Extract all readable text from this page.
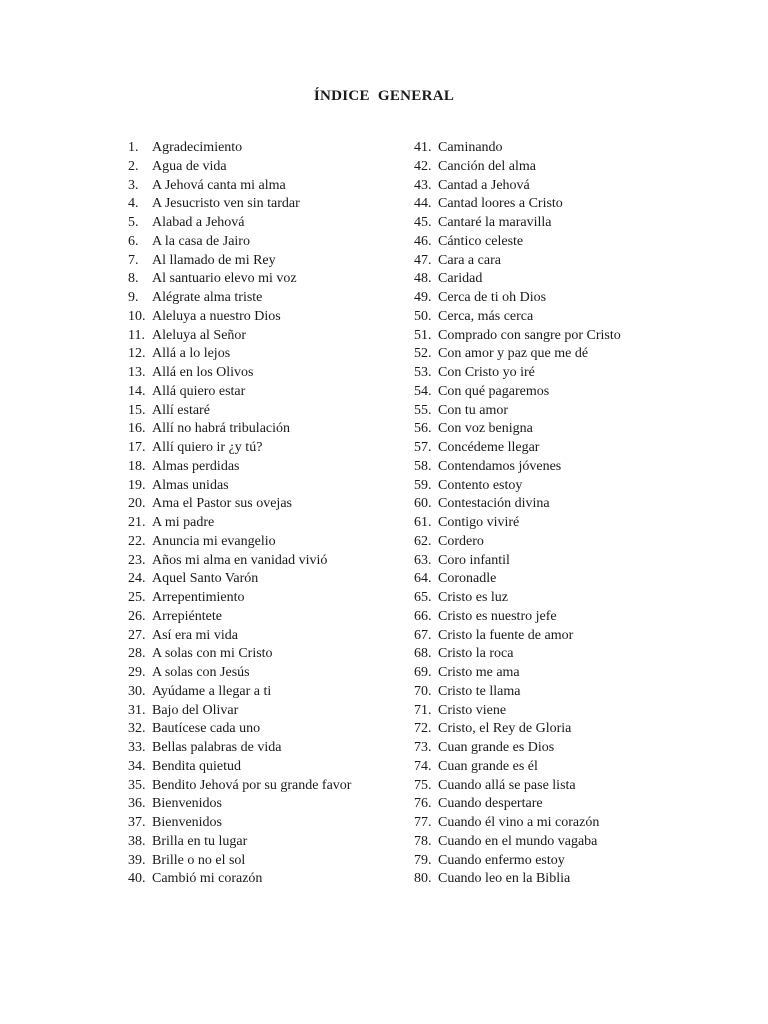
ÍNDICE GENERAL
1. Agradecimiento
2. Agua de vida
3. A Jehová canta mi alma
4. A Jesucristo ven sin tardar
5. Alabad a Jehová
6. A la casa de Jairo
7. Al llamado de mi Rey
8. Al santuario elevo mi voz
9. Alégrate alma triste
10. Aleluya a nuestro Dios
11. Aleluya al Señor
12. Allá a lo lejos
13. Allá en los Olivos
14. Allá quiero estar
15. Allí estaré
16. Allí no habrá tribulación
17. Allí quiero ir ¿y tú?
18. Almas perdidas
19. Almas unidas
20. Ama el Pastor sus ovejas
21. A mi padre
22. Anuncia mi evangelio
23. Años mi alma en vanidad vivió
24. Aquel Santo Varón
25. Arrepentimiento
26. Arrepiéntete
27. Así era mi vida
28. A solas con mi Cristo
29. A solas con Jesús
30. Ayúdame a llegar a ti
31. Bajo del Olivar
32. Bautícese cada uno
33. Bellas palabras de vida
34. Bendita quietud
35. Bendito Jehová por su grande favor
36. Bienvenidos
37. Bienvenidos
38. Brilla en tu lugar
39. Brille o no el sol
40. Cambió mi corazón
41. Caminando
42. Canción del alma
43. Cantad a Jehová
44. Cantad loores a Cristo
45. Cantaré la maravilla
46. Cántico celeste
47. Cara a cara
48. Caridad
49. Cerca de ti oh Dios
50. Cerca, más cerca
51. Comprado con sangre por Cristo
52. Con amor y paz que me dé
53. Con Cristo yo iré
54. Con qué pagaremos
55. Con tu amor
56. Con voz benigna
57. Concédeme llegar
58. Contendamos jóvenes
59. Contento estoy
60. Contestación divina
61. Contigo viviré
62. Cordero
63. Coro infantil
64. Coronadle
65. Cristo es luz
66. Cristo es nuestro jefe
67. Cristo la fuente de amor
68. Cristo la roca
69. Cristo me ama
70. Cristo te llama
71. Cristo viene
72. Cristo, el Rey de Gloria
73. Cuan grande es Dios
74. Cuan grande es él
75. Cuando allá se pase lista
76. Cuando despertare
77. Cuando él vino a mi corazón
78. Cuando en el mundo vagaba
79. Cuando enfermo estoy
80. Cuando leo en la Biblia
